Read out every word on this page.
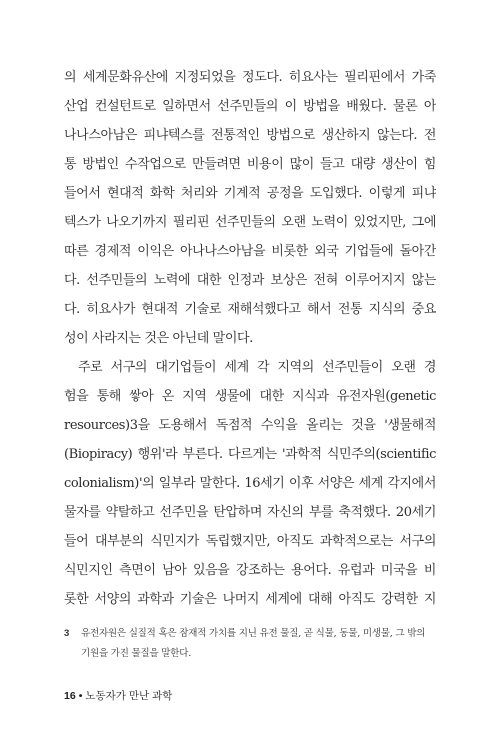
의 세계문화유산에 지정되었을 정도다. 히요사는 필리핀에서 가죽
산업 컨설턴트로 일하면서 선주민들의 이 방법을 배웠다. 물론 아
나나스아남은 피냐텍스를 전통적인 방법으로 생산하지 않는다. 전
통 방법인 수작업으로 만들려면 비용이 많이 들고 대량 생산이 힘
들어서 현대적 화학 처리와 기계적 공정을 도입했다. 이렇게 피냐
텍스가 나오기까지 필리핀 선주민들의 오랜 노력이 있었지만, 그에
따른 경제적 이익은 아나나스아남을 비롯한 외국 기업들에 돌아간
다. 선주민들의 노력에 대한 인정과 보상은 전혀 이루어지지 않는
다. 히요사가 현대적 기술로 재해석했다고 해서 전통 지식의 중요
성이 사라지는 것은 아닌데 말이다.
주로 서구의 대기업들이 세계 각 지역의 선주민들이 오랜 경
험을 통해 쌓아 온 지역 생물에 대한 지식과 유전자원(genetic
resources)3을 도용해서 독점적 수익을 올리는 것을 '생물해적
(Biopiracy) 행위'라 부른다. 다르게는 '과학적 식민주의(scientific
colonialism)'의 일부라 말한다. 16세기 이후 서양은 세계 각지에서
물자를 약탈하고 선주민을 탄압하며 자신의 부를 축적했다. 20세기
들어 대부분의 식민지가 독립했지만, 아직도 과학적으로는 서구의
식민지인 측면이 남아 있음을 강조하는 용어다. 유럽과 미국을 비
롯한 서양의 과학과 기술은 나머지 세계에 대해 아직도 강력한 지
3	유전자원은 실질적 혹은 잠재적 가치를 지닌 유전 물질, 곧 식물, 동물, 미생물, 그 밖의
기원을 가진 물질을 말한다.
16 • 노동자가 만난 과학
